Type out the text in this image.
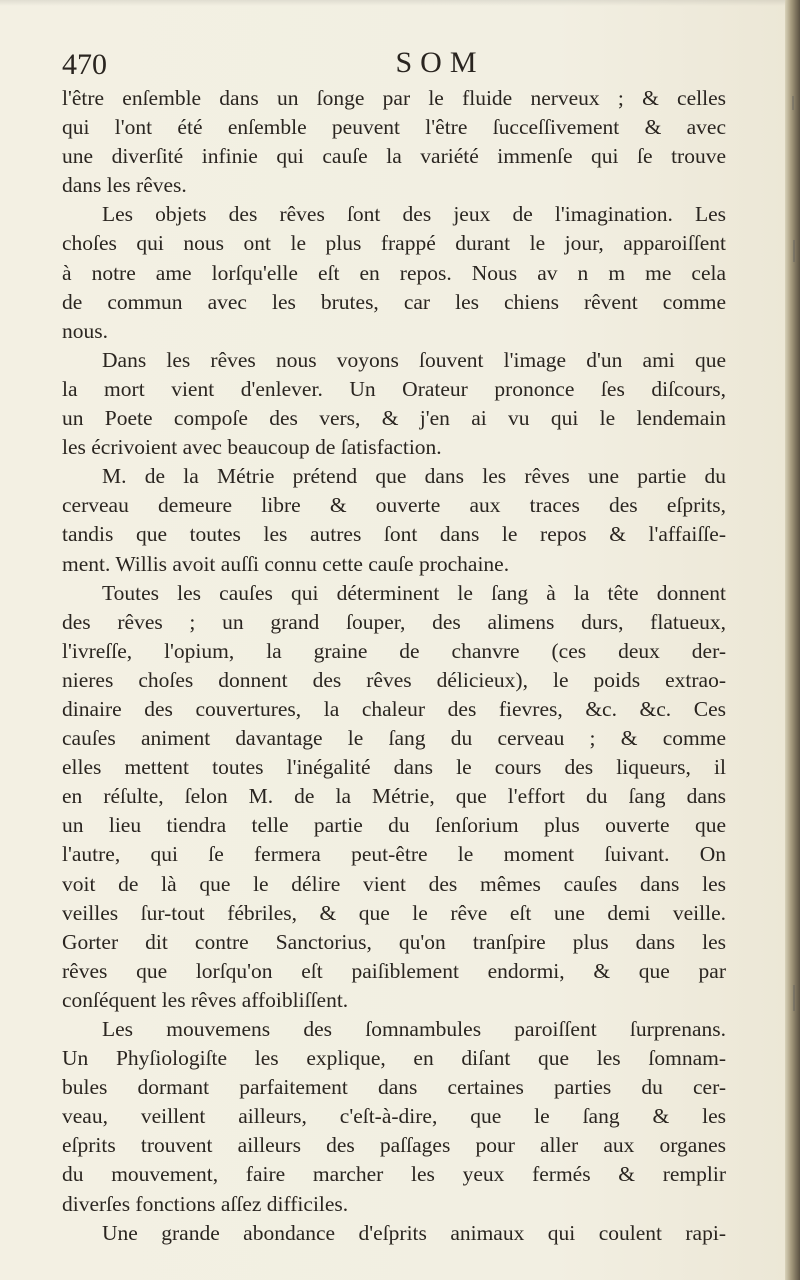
470	SOM
l'être enſemble dans un ſonge par le fluide nerveux ; & celles
qui l'ont été enſemble peuvent l'être ſucceſſivement & avec
une diverſité infinie qui cauſe la variété immenſe qui ſe trouve
dans les rêves.
Les objets des rêves ſont des jeux de l'imagination. Les
choſes qui nous ont le plus frappé durant le jour, apparoiſſent
à notre ame lorſqu'elle eſt en repos. Nous av n m me cela
de commun avec les brutes, car les chiens rêvent comme
nous.
Dans les rêves nous voyons ſouvent l'image d'un ami que
la mort vient d'enlever. Un Orateur prononce ſes diſcours,
un Poete compoſe des vers, & j'en ai vu qui le lendemain
les écrivoient avec beaucoup de ſatisfaction.
M. de la Métrie prétend que dans les rêves une partie du
cerveau demeure libre & ouverte aux traces des eſprits,
tandis que toutes les autres ſont dans le repos & l'affaiſſe-
ment. Willis avoit auſſi connu cette cauſe prochaine.
Toutes les cauſes qui déterminent le ſang à la tête donnent
des rêves ; un grand ſouper, des alimens durs, flatueux,
l'ivreſſe, l'opium, la graine de chanvre (ces deux der-
nieres choſes donnent des rêves délicieux), le poids extrao-
dinaire des couvertures, la chaleur des fievres, &c. &c. Ces
cauſes animent davantage le ſang du cerveau ; & comme
elles mettent toutes l'inégalité dans le cours des liqueurs, il
en réſulte, ſelon M. de la Métrie, que l'effort du ſang dans
un lieu tiendra telle partie du ſenſorium plus ouverte que
l'autre, qui ſe fermera peut-être le moment ſuivant. On
voit de là que le délire vient des mêmes cauſes dans les
veilles ſur-tout fébriles, & que le rêve eſt une demi veille.
Gorter dit contre Sanctorius, qu'on tranſpire plus dans les
rêves que lorſqu'on eſt paiſiblement endormi, & que par
conſéquent les rêves affoibliſſent.
Les mouvemens des ſomnambules paroiſſent ſurprenans.
Un Phyſiologiſte les explique, en diſant que les ſomnam-
bules dormant parfaitement dans certaines parties du cer-
veau, veillent ailleurs, c'eſt-à-dire, que le ſang & les
eſprits trouvent ailleurs des paſſages pour aller aux organes
du mouvement, faire marcher les yeux fermés & remplir
diverſes fonctions aſſez difficiles.
Une grande abondance d'eſprits animaux qui coulent rapi-
